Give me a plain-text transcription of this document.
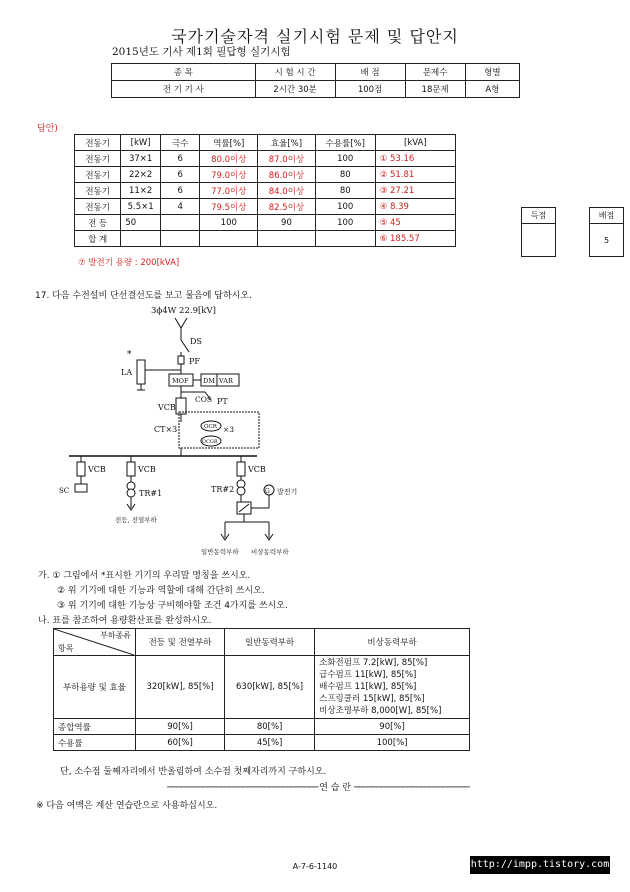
국가기술자격 실기시험 문제 및 답안지
2015년도 기사 제1회 필답형 실기시험
종 목	시 험 시 간	배 점	문제수	형별
전 기 기 사	2시간 30분	100점	18문제	A형
답안)
전동기	[kW]	극수	역률[%]	효율[%]	수용률[%]	[kVA]
전동기	37×1	6	80.0이상	87.0이상	100	① 53.16
전동기	22×2	6	79.0이상	86.0이상	80	② 51.81
전동기	11×2	6	77.0이상	84.0이상	80	③ 27.21
전동기	5.5×1	4	79.5이상	82.5이상	100	④ 8.39
전 등	50		100	90	100	⑤ 45
합 계						⑥ 185.57
⑦ 발전기 용량 : 200[kVA]
득점		배점
		5
17. 다음 수전설비 단선결선도를 보고 물음에 답하시오.
3ϕ4W 22.9[kV]
DS
PF
*
LA
MOF DM VAR
COS PT
VCB
CT×3	OCR
OCGR
×3
VCB
SC
VCB
TR#1
전등, 전열부하
VCB
TR#2	G 발전기
일반동력부하 비상동력부하
가. ① 그림에서 *표시한 기기의 우리말 명칭을 쓰시오.
② 위 기기에 대한 기능과 역할에 대해 간단히 쓰시오.
③ 위 기기에 대한 기능상 구비해야할 조건 4가지를 쓰시오.
나. 표를 참조하여 용량환산표를 완성하시오.
부하종류
항목	전등 및 전열부하	일반동력부하	비상동력부하
부하용량 및 효율	320[kW], 85[%]	630[kW], 85[%]	소화전펌프 7.2[kW], 85[%]
급수펌프 11[kW], 85[%]
배수펌프 11[kW], 85[%]
스프링쿨러 15[kW], 85[%]
비상조명부하 8,000[W], 85[%]

종합역률	90[%]	80[%]	90[%]
수용률	60[%]	45[%]	100[%]
단, 소수점 둘째자리에서 반올림하여 소수점 첫째자리까지 구하시오.
────────────────────────────────── 연 습 란 ──────────────────────────
※ 다음 여백은 계산 연습란으로 사용하십시오.
A-7-6-1140	http://impp.tistory.com
